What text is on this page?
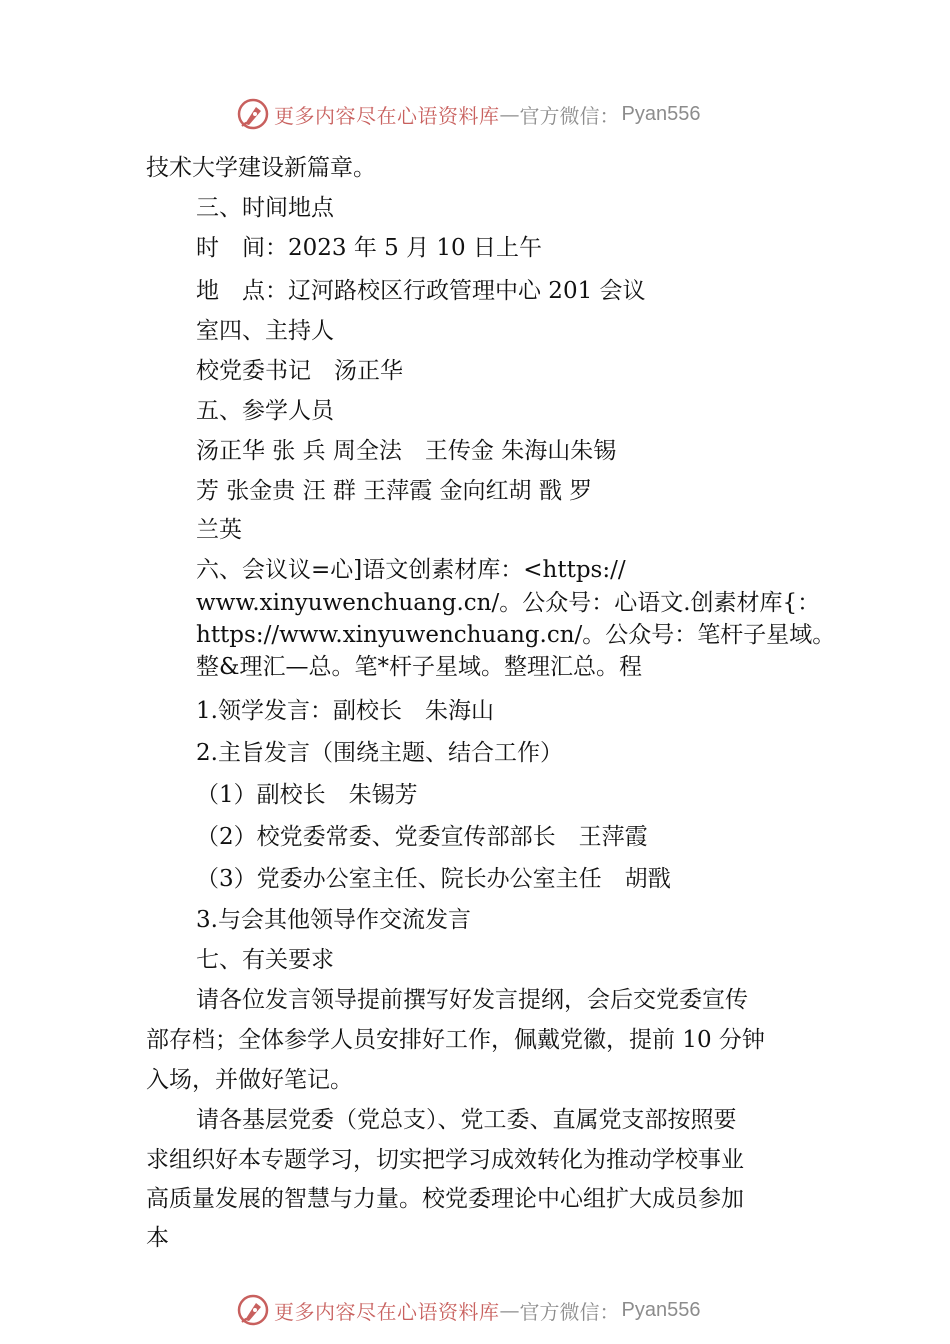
更多内容尽在心语资料库 — 官方微信： Pyan556
技术大学建设新篇章。
三、时间地点
时　间：2023 年 5 月 10 日上午
地　点：辽河路校区行政管理中心 201 会议
室四、主持人
校党委书记　汤正华
五、参学人员
汤正华 张 兵 周全法　王传金 朱海山朱锡
芳 张金贵 汪 群 王萍霞 金向红胡 戬 罗
兰英
六、会议议=心]语文创素材库：<https://
www.xinyuwenchuang.cn/。公众号：心语文.创素材库{：
https://www.xinyuwenchuang.cn/。公众号：笔杆子星域。
整&理汇—总。笔*杆子星域。整理汇总。程
1.领学发言：副校长　朱海山
2.主旨发言（围绕主题、结合工作）
（1）副校长　朱锡芳
（2）校党委常委、党委宣传部部长　王萍霞
（3）党委办公室主任、院长办公室主任　胡戬
3.与会其他领导作交流发言
七、有关要求
请各位发言领导提前撰写好发言提纲，会后交党委宣传
部存档；全体参学人员安排好工作，佩戴党徽，提前 10 分钟
入场，并做好笔记。
请各基层党委（党总支）、党工委、直属党支部按照要
求组织好本专题学习，切实把学习成效转化为推动学校事业
高质量发展的智慧与力量。校党委理论中心组扩大成员参加
本
更多内容尽在心语资料库 — 官方微信： Pyan556
